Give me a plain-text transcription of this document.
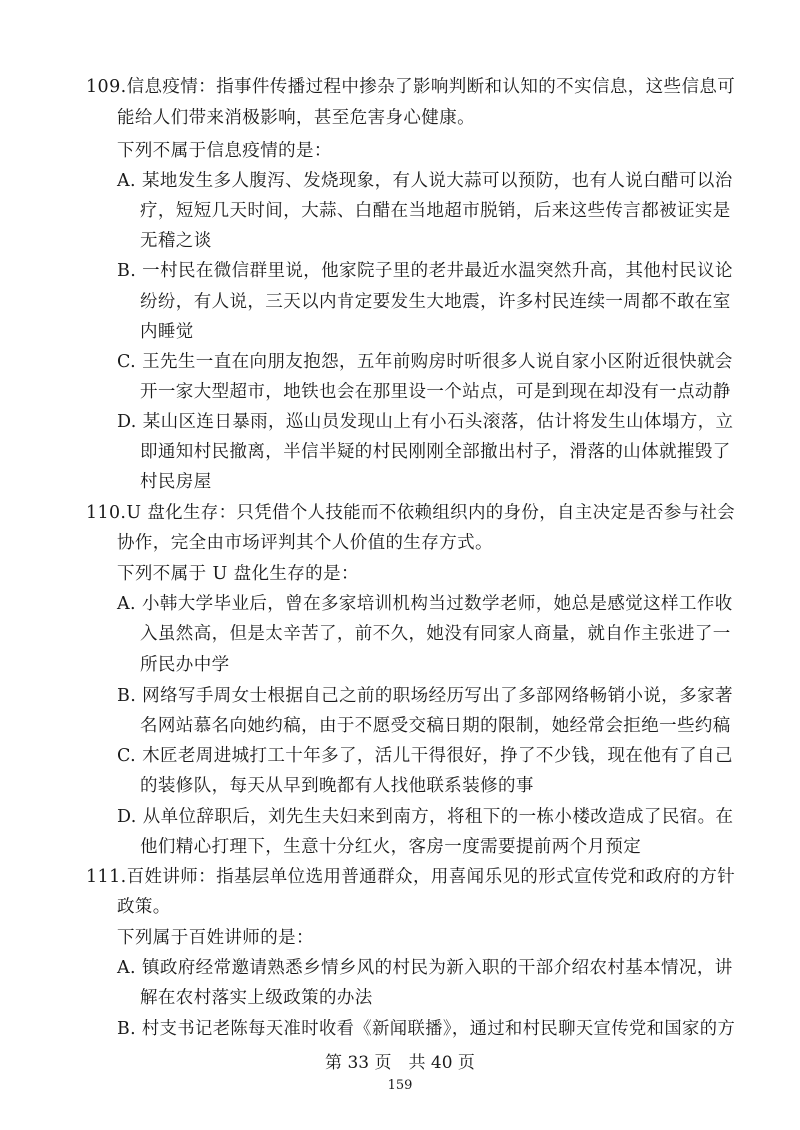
109.信息疫情：指事件传播过程中掺杂了影响判断和认知的不实信息，这些信息可
能给人们带来消极影响，甚至危害身心健康。
下列不属于信息疫情的是：
A. 某地发生多人腹泻、发烧现象，有人说大蒜可以预防，也有人说白醋可以治
疗，短短几天时间，大蒜、白醋在当地超市脱销，后来这些传言都被证实是
无稽之谈
B. 一村民在微信群里说，他家院子里的老井最近水温突然升高，其他村民议论
纷纷，有人说，三天以内肯定要发生大地震，许多村民连续一周都不敢在室
内睡觉
C. 王先生一直在向朋友抱怨，五年前购房时听很多人说自家小区附近很快就会
开一家大型超市，地铁也会在那里设一个站点，可是到现在却没有一点动静
D. 某山区连日暴雨，巡山员发现山上有小石头滚落，估计将发生山体塌方，立
即通知村民撤离，半信半疑的村民刚刚全部撤出村子，滑落的山体就摧毁了
村民房屋
110.U 盘化生存：只凭借个人技能而不依赖组织内的身份，自主决定是否参与社会
协作，完全由市场评判其个人价值的生存方式。
下列不属于 U 盘化生存的是：
A. 小韩大学毕业后，曾在多家培训机构当过数学老师，她总是感觉这样工作收
入虽然高，但是太辛苦了，前不久，她没有同家人商量，就自作主张进了一
所民办中学
B. 网络写手周女士根据自己之前的职场经历写出了多部网络畅销小说，多家著
名网站慕名向她约稿，由于不愿受交稿日期的限制，她经常会拒绝一些约稿
C. 木匠老周进城打工十年多了，活儿干得很好，挣了不少钱，现在他有了自己
的装修队，每天从早到晚都有人找他联系装修的事
D. 从单位辞职后，刘先生夫妇来到南方，将租下的一栋小楼改造成了民宿。在
他们精心打理下，生意十分红火，客房一度需要提前两个月预定
111.百姓讲师：指基层单位选用普通群众，用喜闻乐见的形式宣传党和政府的方针
政策。
下列属于百姓讲师的是：
A. 镇政府经常邀请熟悉乡情乡风的村民为新入职的干部介绍农村基本情况，讲
解在农村落实上级政策的办法
B. 村支书记老陈每天准时收看《新闻联播》，通过和村民聊天宣传党和国家的方
第 33 页　共 40 页
159
